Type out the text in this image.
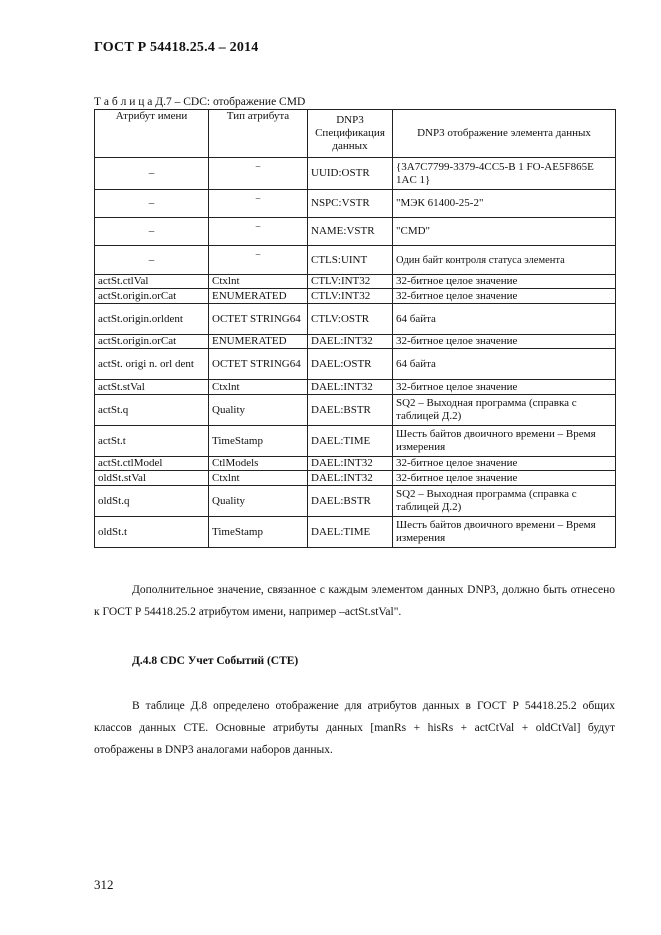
ГОСТ Р 54418.25.4 – 2014
Т а б л и ц а Д.7 – CDC: отображение CMD
Атрибут имени	Тип атрибута	DNP3 Спецификация данных	DNP3 отображение элемента данных
–	–	UUID:OSTR	{3A7C7799-3379-4CC5-B 1 FO-AE5F865E 1AC 1}
–	–	NSPC:VSTR	"МЭК 61400-25-2"
–	–	NAME:VSTR	"CMD"
–	–	CTLS:UINT	Один байт контроля статуса элемента
actSt.ctlVal	Ctxlnt	CTLV:INT32	32-битное целое значение
actSt.origin.orCat	ENUMERATED	CTLV:INT32	32-битное целое значение
actSt.origin.orldent	OCTET STRING64	CTLV:OSTR	64 байта
actSt.origin.orCat	ENUMERATED	DAEL:INT32	32-битное целое значение
actSt. origi n. orl dent	OCTET STRING64	DAEL:OSTR	64 байта
actSt.stVal	Ctxlnt	DAEL:INT32	32-битное целое значение
actSt.q	Quality	DAEL:BSTR	SQ2 – Выходная программа (справка с таблицей Д.2)
actSt.t	TimeStamp	DAEL:TIME	Шесть байтов двоичного времени – Время измерения
actSt.ctlModel	CtlModels	DAEL:INT32	32-битное целое значение
oldSt.stVal	Ctxlnt	DAEL:INT32	32-битное целое значение
oldSt.q	Quality	DAEL:BSTR	SQ2 – Выходная программа (справка с таблицей Д.2)
oldSt.t	TimeStamp	DAEL:TIME	Шесть байтов двоичного времени – Время измерения
Дополнительное значение, связанное с каждым элементом данных DNP3, должно быть отнесено к ГОСТ Р 54418.25.2 атрибутом имени, например –actSt.stVal".
Д.4.8 CDC Учет Событий (CTE)
В таблице Д.8 определено отображение для атрибутов данных в ГОСТ Р 54418.25.2 общих классов данных CTE. Основные атрибуты данных [manRs + hisRs + actCtVal + oldCtVal] будут отображены в DNP3 аналогами наборов данных.
312
